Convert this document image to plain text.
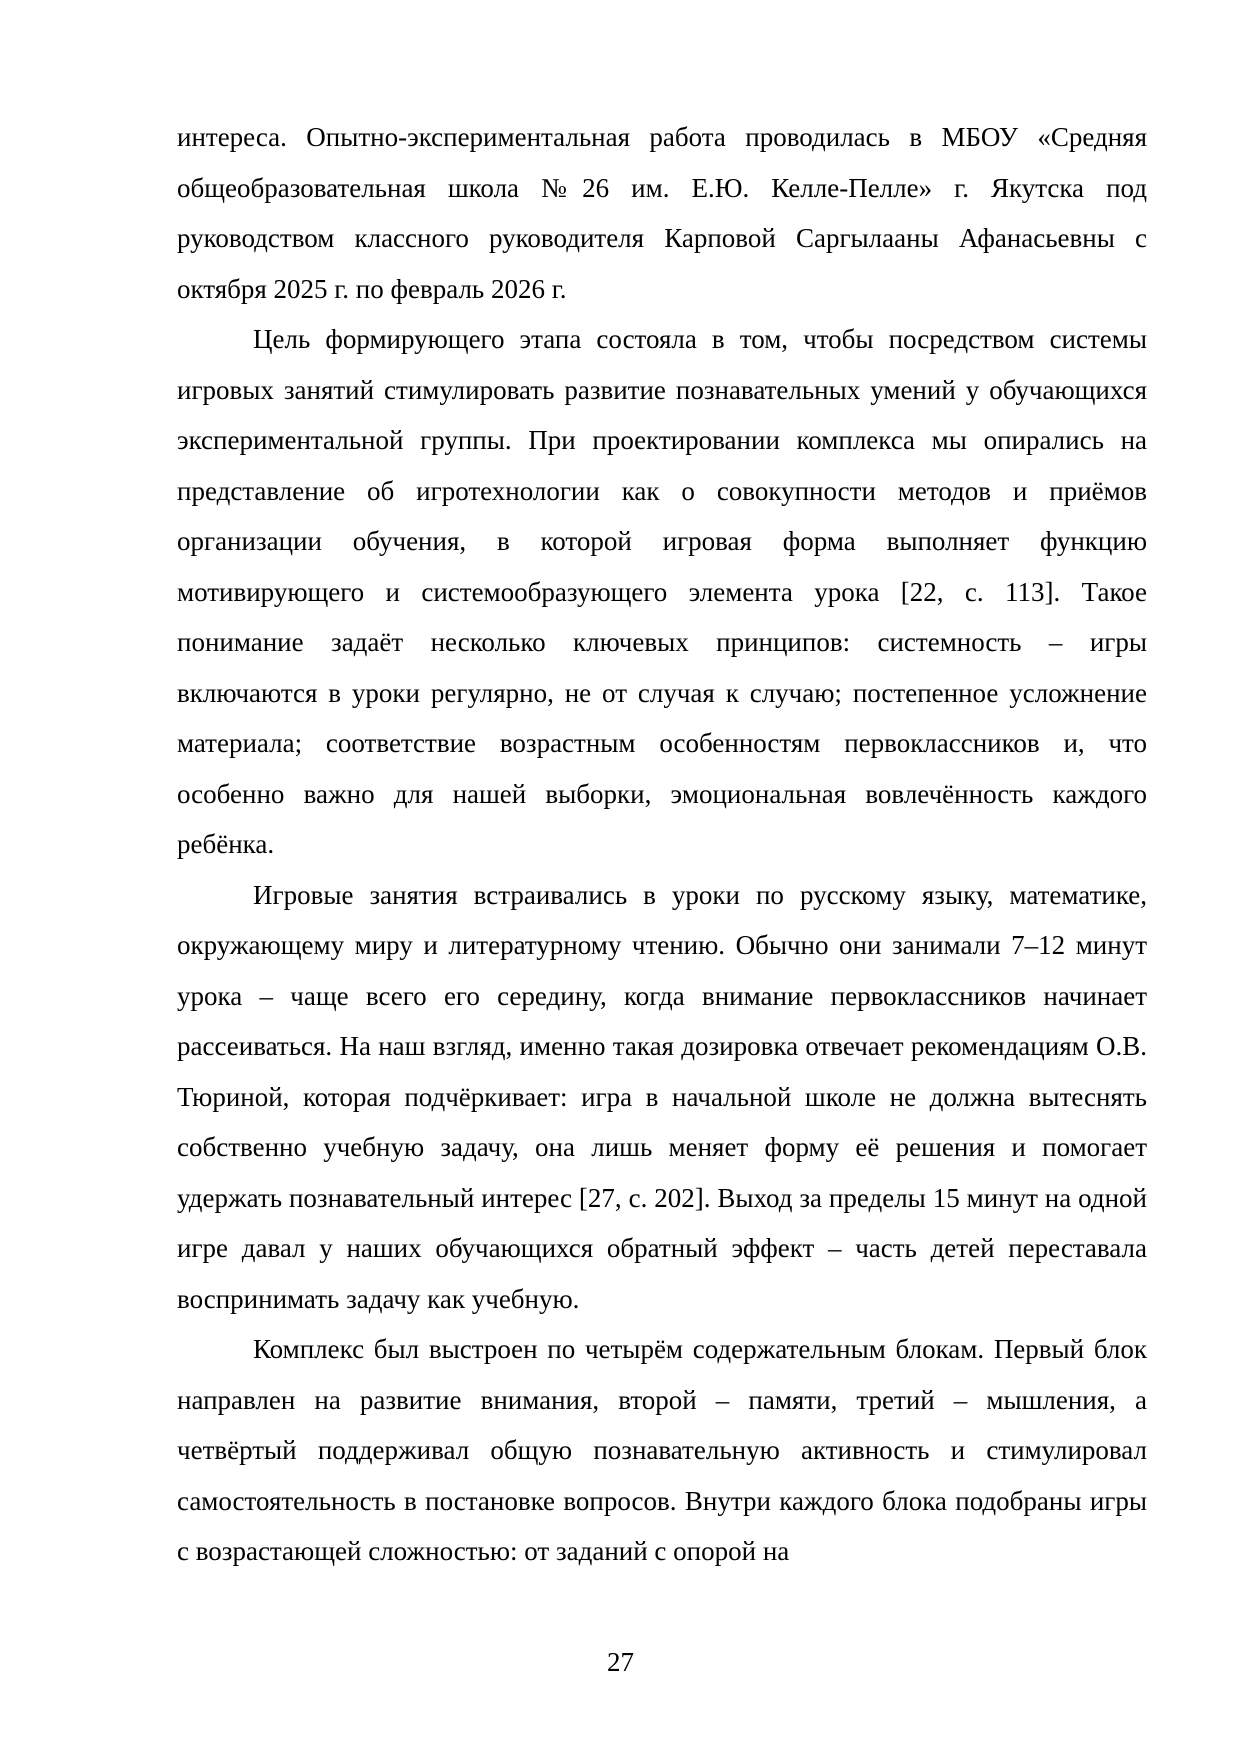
интереса. Опытно-экспериментальная работа проводилась в МБОУ «Средняя общеобразовательная школа №26 им. Е.Ю. Келле-Пелле» г. Якутска под руководством классного руководителя Карповой Саргылааны Афанасьевны с октября 2025 г. по февраль 2026 г.

Цель формирующего этапа состояла в том, чтобы посредством системы игровых занятий стимулировать развитие познавательных умений у обучающихся экспериментальной группы. При проектировании комплекса мы опирались на представление об игротехнологии как о совокупности методов и приёмов организации обучения, в которой игровая форма выполняет функцию мотивирующего и системообразующего элемента урока [22, с. 113]. Такое понимание задаёт несколько ключевых принципов: системность – игры включаются в уроки регулярно, не от случая к случаю; постепенное усложнение материала; соответствие возрастным особенностям первоклассников и, что особенно важно для нашей выборки, эмоциональная вовлечённость каждого ребёнка.

Игровые занятия встраивались в уроки по русскому языку, математике, окружающему миру и литературному чтению. Обычно они занимали 7–12 минут урока – чаще всего его середину, когда внимание первоклассников начинает рассеиваться. На наш взгляд, именно такая дозировка отвечает рекомендациям О.В. Тюриной, которая подчёркивает: игра в начальной школе не должна вытеснять собственно учебную задачу, она лишь меняет форму её решения и помогает удержать познавательный интерес [27, с. 202]. Выход за пределы 15 минут на одной игре давал у наших обучающихся обратный эффект – часть детей переставала воспринимать задачу как учебную.

Комплекс был выстроен по четырём содержательным блокам. Первый блок направлен на развитие внимания, второй – памяти, третий – мышления, а четвёртый поддерживал общую познавательную активность и стимулировал самостоятельность в постановке вопросов. Внутри каждого блока подобраны игры с возрастающей сложностью: от заданий с опорой на

27
